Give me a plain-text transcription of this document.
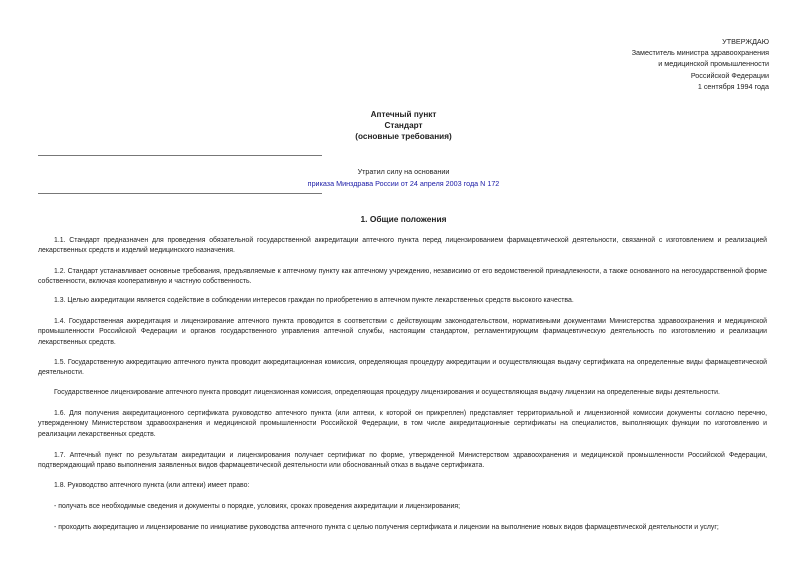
УТВЕРЖДАЮ
Заместитель министра здравоохранения
и медицинской промышленности
Российской Федерации
1 сентября 1994 года
Аптечный пункт
Стандарт
(основные требования)
Утратил силу на основании
приказа Минздрава России от 24 апреля 2003 года N 172
1. Общие положения

1.1. Стандарт предназначен для проведения обязательной государственной аккредитации аптечного пункта перед лицензированием фармацевтической деятельности, связанной с изготовлением и реализацией лекарственных средств и изделий медицинского назначения.

1.2. Стандарт устанавливает основные требования, предъявляемые к аптечному пункту как аптечному учреждению, независимо от его ведомственной принадлежности, а также основанного на негосударственной форме собственности, включая кооперативную и частную собственность.

1.3. Целью аккредитации является содействие в соблюдении интересов граждан по приобретению в аптечном пункте лекарственных средств высокого качества.

1.4. Государственная аккредитация и лицензирование аптечного пункта проводится в соответствии с действующим законодательством, нормативными документами Министерства здравоохранения и медицинской промышленности Российской Федерации и органов государственного управления аптечной службы, настоящим стандартом, регламентирующим фармацевтическую деятельность по изготовлению и реализации лекарственных средств.

1.5. Государственную аккредитацию аптечного пункта проводит аккредитационная комиссия, определяющая процедуру аккредитации и осуществляющая выдачу сертификата на определенные виды фармацевтической деятельности.

Государственное лицензирование аптечного пункта проводит лицензионная комиссия, определяющая процедуру лицензирования и осуществляющая выдачу лицензии на определенные виды деятельности.

1.6. Для получения аккредитационного сертификата руководство аптечного пункта (или аптеки, к которой он прикреплен) представляет территориальной и лицензионной комиссии документы согласно перечню, утвержденному Министерством здравоохранения и медицинской промышленности Российской Федерации, в том числе аккредитационные сертификаты на специалистов, выполняющих функции по изготовлению и реализации лекарственных средств.

1.7. Аптечный пункт по результатам аккредитации и лицензирования получает сертификат по форме, утвержденной Министерством здравоохранения и медицинской промышленности Российской Федерации, подтверждающий право выполнения заявленных видов фармацевтической деятельности или обоснованный отказ в выдаче сертификата.

1.8. Руководство аптечного пункта (или аптеки) имеет право:

- получать все необходимые сведения и документы о порядке, условиях, сроках проведения аккредитации и лицензирования;

- проходить аккредитацию и лицензирование по инициативе руководства аптечного пункта с целью получения сертификата и лицензии на выполнение новых видов фармацевтической деятельности и услуг;
